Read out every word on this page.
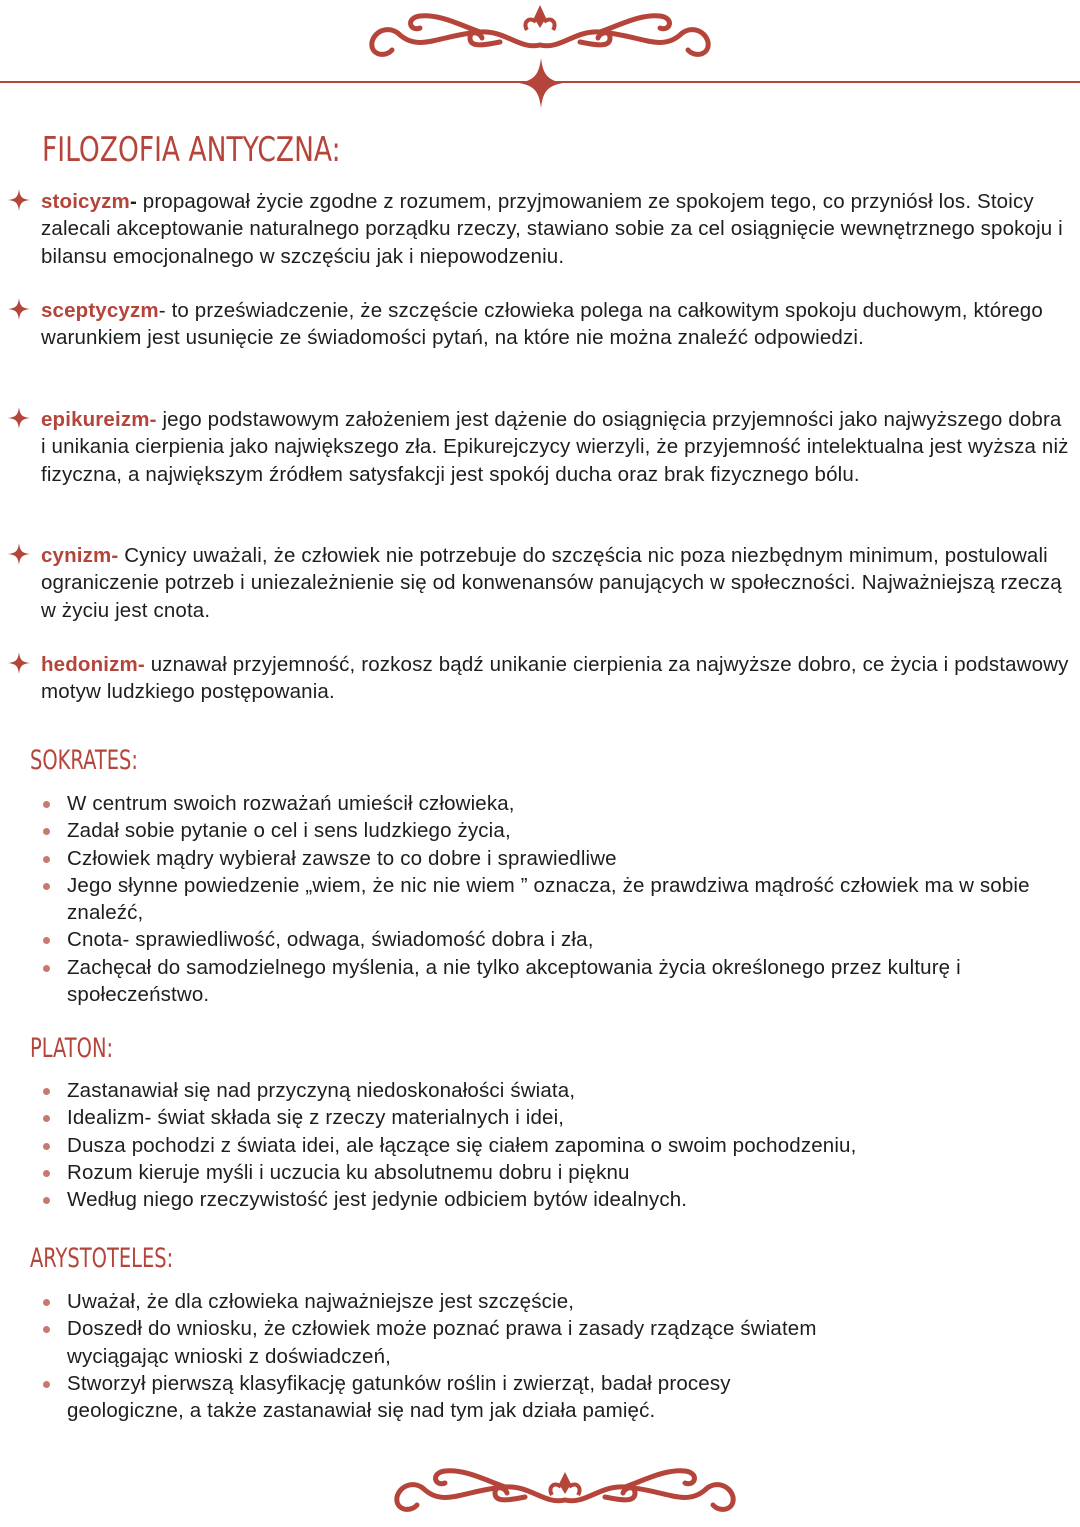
FILOZOFIA ANTYCZNA:
stoicyzm- propagował życie zgodne z rozumem, przyjmowaniem ze spokojem tego, co przyniósł los. Stoicy zalecali akceptowanie naturalnego porządku rzeczy, stawiano sobie za cel osiągnięcie wewnętrznego spokoju i bilansu emocjonalnego w szczęściu jak i niepowodzeniu.
sceptycyzm- to przeświadczenie, że szczęście człowieka polega na całkowitym spokoju duchowym, którego warunkiem jest usunięcie ze świadomości pytań, na które nie można znaleźć odpowiedzi.
epikureizm- jego podstawowym założeniem jest dążenie do osiągnięcia przyjemności jako najwyższego dobra i unikania cierpienia jako największego zła. Epikurejczycy wierzyli, że przyjemność intelektualna jest wyższa niż fizyczna, a największym źródłem satysfakcji jest spokój ducha oraz brak fizycznego bólu.
cynizm- Cynicy uważali, że człowiek nie potrzebuje do szczęścia nic poza niezbędnym minimum, postulowali ograniczenie potrzeb i uniezależnienie się od konwenansów panujących w społeczności. Najważniejszą rzeczą w życiu jest cnota.
hedonizm- uznawał przyjemność, rozkosz bądź unikanie cierpienia za najwyższe dobro, ce życia i podstawowy motyw ludzkiego postępowania.
SOKRATES:
W centrum swoich rozważań umieścił człowieka,
Zadał sobie pytanie o cel i sens ludzkiego życia,
Człowiek mądry wybierał zawsze to co dobre i sprawiedliwe
Jego słynne powiedzenie „wiem, że nic nie wiem ” oznacza, że prawdziwa mądrość człowiek ma w sobie znaleźć,
Cnota- sprawiedliwość, odwaga, świadomość dobra i zła,
Zachęcał do samodzielnego myślenia, a nie tylko akceptowania życia określonego przez kulturę i społeczeństwo.
PLATON:
Zastanawiał się nad przyczyną niedoskonałości świata,
Idealizm- świat składa się z rzeczy materialnych i idei,
Dusza pochodzi z świata idei, ale łączące się ciałem zapomina o swoim pochodzeniu,
Rozum kieruje myśli i uczucia ku absolutnemu dobru i pięknu
Według niego rzeczywistość jest jedynie odbiciem bytów idealnych.
ARYSTOTELES:
Uważał, że dla człowieka najważniejsze jest szczęście,
Doszedł do wniosku, że człowiek może poznać prawa i zasady rządzące światem wyciągając wnioski z doświadczeń,
Stworzył pierwszą klasyfikację gatunków roślin i zwierząt, badał procesy geologiczne, a także zastanawiał się nad tym jak działa pamięć.
